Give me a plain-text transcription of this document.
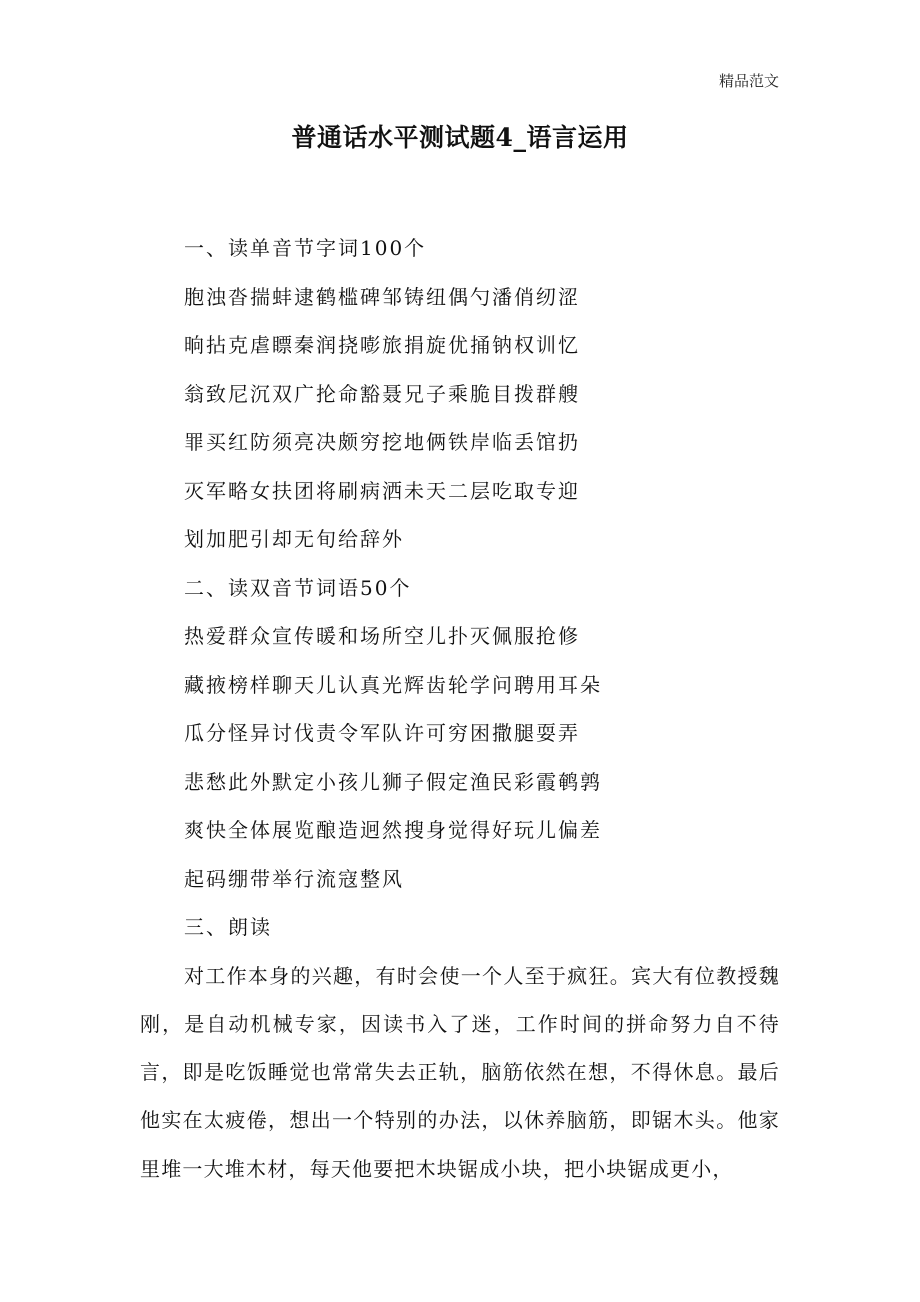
精品范文
普通话水平测试题4_语言运用
一、读单音节字词100个
胞浊沓揣蚌逮鹤槛碑邹铸纽偶勺潘俏纫涩
晌拈克虐瞟秦润挠嘭旅捐旋优捅钠权训忆
翁致尼沉双广抡命豁聂兄子乘脆目拨群艘
罪买红防须亮决颇穷挖地俩铁岸临丢馆扔
灭军略女扶团将刷病洒未天二层吃取专迎
划加肥引却无旬给辞外
二、读双音节词语50个
热爱群众宣传暖和场所空儿扑灭佩服抢修
藏掖榜样聊天儿认真光辉齿轮学问聘用耳朵
瓜分怪异讨伐责令军队许可穷困撒腿耍弄
悲愁此外默定小孩儿狮子假定渔民彩霞鹌鹑
爽快全体展览酿造迥然搜身觉得好玩儿偏差
起码绷带举行流寇整风
三、朗读
对工作本身的兴趣，有时会使一个人至于疯狂。宾大有位教授魏刚，是自动机械专家，因读书入了迷，工作时间的拼命努力自不待言，即是吃饭睡觉也常常失去正轨，脑筋依然在想，不得休息。最后他实在太疲倦，想出一个特别的办法，以休养脑筋，即锯木头。他家里堆一大堆木材，每天他要把木块锯成小块，把小块锯成更小，
